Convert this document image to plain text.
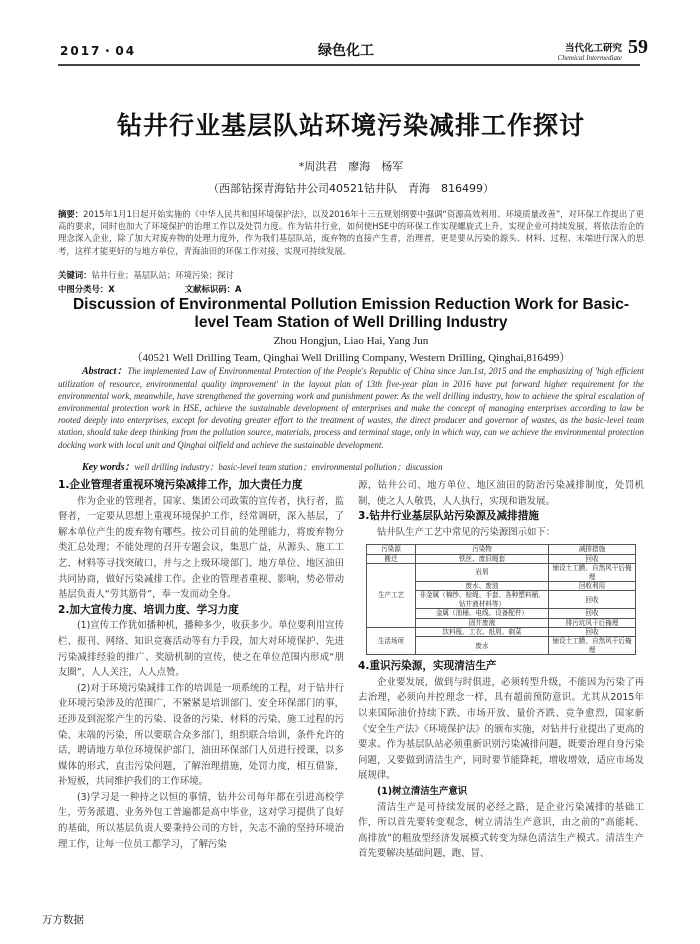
2017・04	绿色化工	当代化工研究
Chemical Intermediate 59
钻井行业基层队站环境污染减排工作探讨
*周洪君　廖海　杨军
（西部钻探青海钻井公司40521钻井队　青海　816499）
摘要：2015年1月1日起开始实施的《中华人民共和国环境保护法》，以及2016年十三五规划纲要中强调“资源高效利用、环境质量改善”，对环保工作提出了更高的要求，同时也加大了环境保护的治理工作以及处罚力度。作为钻井行业，如何使HSE中的环保工作实现螺旋式上升，实现企业可持续发展，将依法治企的理念深入企业，除了加大对废弃物的处理力度外，作为我们基层队站，废弃物的直接产生者，治理者，更是要从污染的源头、材料、过程、末端进行深入的思考，这样才能更好的与地方单位，青海油田的环保工作对接，实现可持续发展。
关键词：钻井行业；基层队站；环境污染；探讨
中图分类号：X	文献标识码：A
Discussion of Environmental Pollution Emission Reduction Work for Basic-level Team Station of Well Drilling Industry
Zhou Hongjun, Liao Hai, Yang Jun
（40521 Well Drilling Team, Qinghai Well Drilling Company, Western Drilling, Qinghai,816499）
Abstract：The implemented Law of Environmental Protection of the People's Republic of China since Jan.1st, 2015 and the emphasizing of 'high efficient utilization of resource, environmental quality improvement' in the layout plan of 13th five-year plan in 2016 have put forward higher requirement for the environmental work, meanwhile, have strengthened the governing work and punishment power. As the well drilling industry, how to achieve the spiral escalation of environmental protection work in HSE, achieve the sustainable development of enterprises and make the concept of managing enterprises according to law be rooted deeply into enterprises, except for devoting greater effort to the treatment of wastes, the direct producer and governor of wastes, as the basic-level team station, should take deep thinking from the pollution source, materials, process and terminal stage, only in which way, can we achieve the environmental protection docking work with local unit and Qinghai oilfield and achieve the sustainable development.
Key words：well drilling industry；basic-level team station；environmental pollution；discussion
1.企业管理者重视环境污染减排工作，加大责任力度

作为企业的管理者，国家、集团公司政策的宣传者，执行者，监督者，一定要从思想上重视环境保护工作，经常调研，深入基层，了解本单位产生的废弃物有哪些。按公司目前的处理能力，将废弃物分类汇总处理；不能处理的召开专题会议，集思广益，从源头、施工工艺、材料等寻找突破口，并与之上级环境部门、地方单位、地区油田共同协商，做好污染减排工作。企业的管理者重视、影响，势必带动基层负责人“劳其筋骨”，奉一发而动全身。

2.加大宣传力度、培训力度、学习力度

(1)宣传工作犹如播种机，播种多少，收获多少。单位要利用宣传栏、报刊、网络、知识竞赛活动等有力手段，加大对环境保护、先进污染减排经验的推广、奖励机制的宣传，使之在单位范围内形成“朋友圈”，人人关注，人人点赞。

(2)对于环境污染减排工作的培训是一项系统的工程，对于钻井行业环境污染涉及的范围广，不紧紧是培训部门、安全环保部门的事，还涉及到泥浆产生的污染、设备的污染、材料的污染、施工过程的污染、末端的污染，所以要联合众多部门，组织联合培训，条件允许的话，聘请地方单位环境保护部门，油田环保部门人员进行授课，以多媒体的形式，直击污染问题，了解治理措施，处罚力度，相互借鉴，补短板，共同维护我们的工作环境。

(3)学习是一种持之以恒的事情，钻井公司每年都在引进高校学生，劳务派遣、业务外包工普遍都是高中毕业，这对学习提供了良好的基础，所以基层负责人要秉持公司的方针，矢志不渝的坚持环境治理工作，让每一位员工都学习，了解污染

源，钻井公司、地方单位、地区油田的防治污染减排制度，处罚机制，使之人人敬畏，人人执行，实现和谐发展。

3.钻井行业基层队站污染源及减排措施

钻井队生产工艺中常见的污染源图示如下：

污染源	污染物	减排措施
搬迁	铁丝、废旧绳套	回收
生产工艺	岩屑	铺设土工膜、自然风干后掩埋
	废水、废油	回收利用
	非金属（棉纱、棕绳、手套、各种塑料桶、钻井液材料等）	回收
	金属（油桶、电线、设备配件）	回收
	固井废液	排污坑风干后掩埋
生活场所	饮料瓶、工衣、纸屑、剩菜	回收
	废水	铺设土工膜、自然风干后掩埋
4.重识污染源，实现清洁生产

企业要发展，做到与时俱进，必须转型升级，不能因为污染了再去治理，必须向并控理念一样，具有超前预防意识。尤其从2015年以来国际油价持续下跌、市场开放、量价齐跌、竞争愈烈，国家新《安全生产法》《环境保护法》的颁布实施，对钻井行业提出了更高的要求。作为基层队站必须重新识别污染减排问题，既要治理自身污染问题，又要做到清洁生产，同时要节能降耗，增收增效，适应市场发展规律。

(1)树立清洁生产意识

清洁生产是可持续发展的必经之路，是企业污染减排的基础工作，所以首先要转变观念，树立清洁生产意识，由之前的“高能耗、高排放”的粗放型经济发展模式转变为绿色清洁生产模式。清洁生产首先要解决基础问题，跑、冒、

万方数据
